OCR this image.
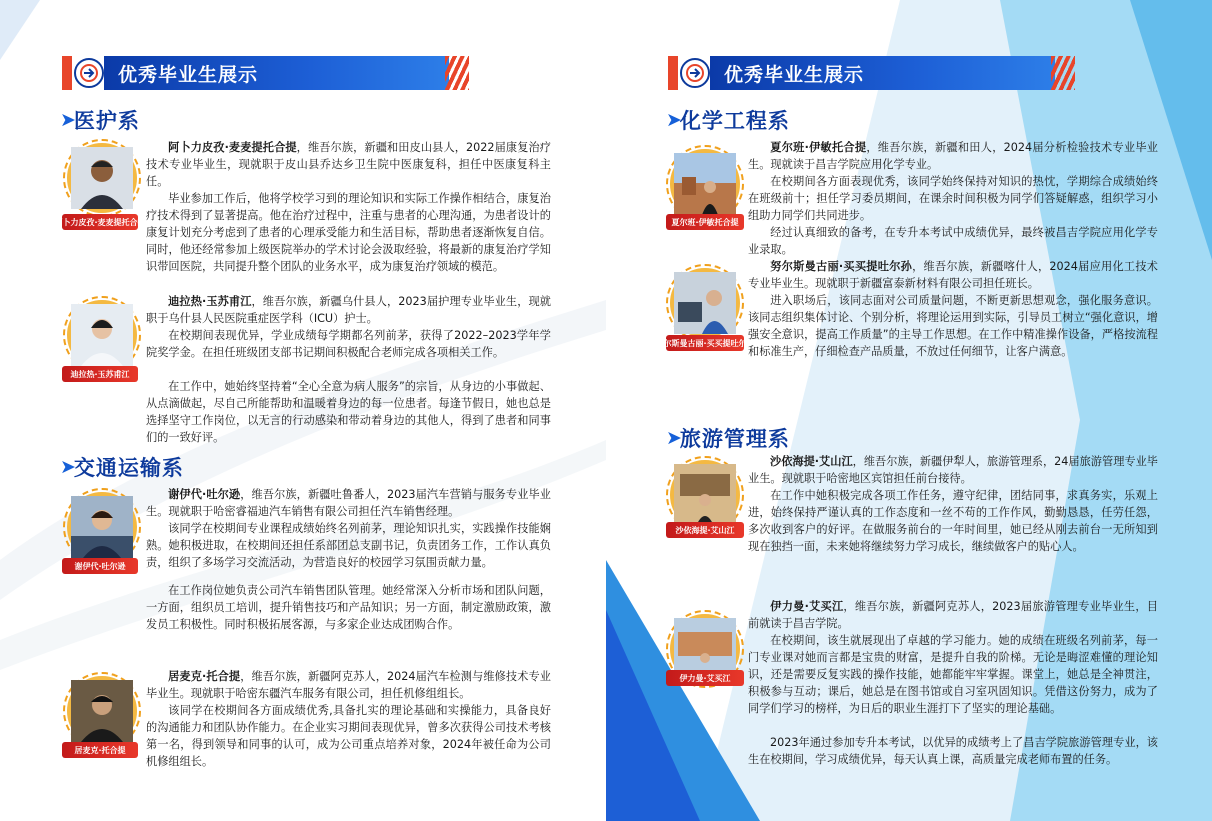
优秀毕业生展示
➤ 医护系
阿卜力皮孜·麦麦提托合提

阿卜力皮孜·麦麦提托合提，维吾尔族，新疆和田皮山县人，2022届康复治疗技术专业毕业生，现就职于皮山县乔达乡卫生院中医康复科，担任中医康复科主任。

毕业参加工作后，他将学校学习到的理论知识和实际工作操作相结合，康复治疗技术得到了显著提高。他在治疗过程中，注重与患者的心理沟通，为患者设计的康复计划充分考虑到了患者的心理承受能力和生活目标，帮助患者逐渐恢复自信。同时，他还经常参加上级医院举办的学术讨论会汲取经验，将最新的康复治疗学知识带回医院，共同提升整个团队的业务水平，成为康复治疗领域的模范。

迪拉热·玉苏甫江

迪拉热·玉苏甫江，维吾尔族，新疆乌什县人，2023届护理专业毕业生，现就职于乌什县人民医院重症医学科（ICU）护士。

在校期间表现优异，学业成绩每学期都名列前茅，获得了2022–2023学年学院奖学金。在担任班级团支部书记期间积极配合老师完成各项相关工作。

在工作中，她始终坚持着“全心全意为病人服务”的宗旨，从身边的小事做起、从点滴做起，尽自己所能帮助和温暖着身边的每一位患者。每逢节假日，她也总是选择坚守工作岗位，以无言的行动感染和带动着身边的其他人，得到了患者和同事们的一致好评。

➤ 交通运输系
谢伊代·吐尔逊

谢伊代·吐尔逊，维吾尔族，新疆吐鲁番人，2023届汽车营销与服务专业毕业生。现就职于哈密睿福迪汽车销售有限公司担任汽车销售经理。

该同学在校期间专业课程成绩始终名列前茅，理论知识扎实，实践操作技能娴熟。她积极进取，在校期间还担任系部团总支副书记，负责团务工作，工作认真负责，组织了多场学习交流活动，为营造良好的校园学习氛围贡献力量。

在工作岗位她负责公司汽车销售团队管理。她经常深入分析市场和团队问题，一方面，组织员工培训，提升销售技巧和产品知识；另一方面，制定激励政策，激发员工积极性。同时积极拓展客源，与多家企业达成团购合作。

居麦克·托合提

居麦克·托合提，维吾尔族，新疆阿克苏人，2024届汽车检测与维修技术专业毕业生。现就职于哈密东疆汽车服务有限公司，担任机修组组长。

该同学在校期间各方面成绩优秀,具备扎实的理论基础和实操能力，具备良好的沟通能力和团队协作能力。在企业实习期间表现优异，曾多次获得公司技术考核第一名，得到领导和同事的认可，成为公司重点培养对象，2024年被任命为公司机修组组长。

优秀毕业生展示
➤ 化学工程系
夏尔班·伊敏托合提

夏尔班·伊敏托合提，维吾尔族，新疆和田人，2024届分析检验技术专业毕业生。现就读于昌吉学院应用化学专业。

在校期间各方面表现优秀，该同学始终保持对知识的热忱，学期综合成绩始终在班级前十；担任学习委员期间，在课余时间积极为同学们答疑解惑，组织学习小组助力同学们共同进步。

经过认真细致的备考，在专升本考试中成绩优异，最终被昌吉学院应用化学专业录取。

努尔斯曼古丽·买买提吐尔孙

努尔斯曼古丽·买买提吐尔孙，维吾尔族，新疆喀什人，2024届应用化工技术专业毕业生。现就职于新疆富泰新材料有限公司担任班长。

进入职场后，该同志面对公司质量问题，不断更新思想观念，强化服务意识。该同志组织集体讨论、个别分析，将理论运用到实际，引导员工树立“强化意识，增强安全意识，提高工作质量”的主导工作思想。在工作中精准操作设备，严格按流程和标准生产，仔细检查产品质量，不放过任何细节，让客户满意。

➤ 旅游管理系
沙依海提·艾山江

沙依海提·艾山江，维吾尔族，新疆伊犁人，旅游管理系，24届旅游管理专业毕业生。现就职于哈密地区宾馆担任前台接待。

在工作中她积极完成各项工作任务，遵守纪律，团结同事，求真务实，乐观上进，始终保持严谨认真的工作态度和一丝不苟的工作作风，勤勤恳恳，任劳任怨，多次收到客户的好评。在做服务前台的一年时间里，她已经从刚去前台一无所知到现在独挡一面，未来她将继续努力学习成长，继续做客户的贴心人。

伊力曼·艾买江

伊力曼·艾买江，维吾尔族，新疆阿克苏人，2023届旅游管理专业毕业生，目前就读于昌吉学院。

在校期间，该生就展现出了卓越的学习能力。她的成绩在班级名列前茅，每一门专业课对她而言都是宝贵的财富，是提升自我的阶梯。无论是晦涩难懂的理论知识，还是需要反复实践的操作技能，她都能牢牢掌握。课堂上，她总是全神贯注，积极参与互动；课后，她总是在图书馆或自习室巩固知识。凭借这份努力，成为了同学们学习的榜样，为日后的职业生涯打下了坚实的理论基础。

2023年通过参加专升本考试，以优异的成绩考上了昌吉学院旅游管理专业，该生在校期间，学习成绩优异，每天认真上课，高质量完成老师布置的任务。
